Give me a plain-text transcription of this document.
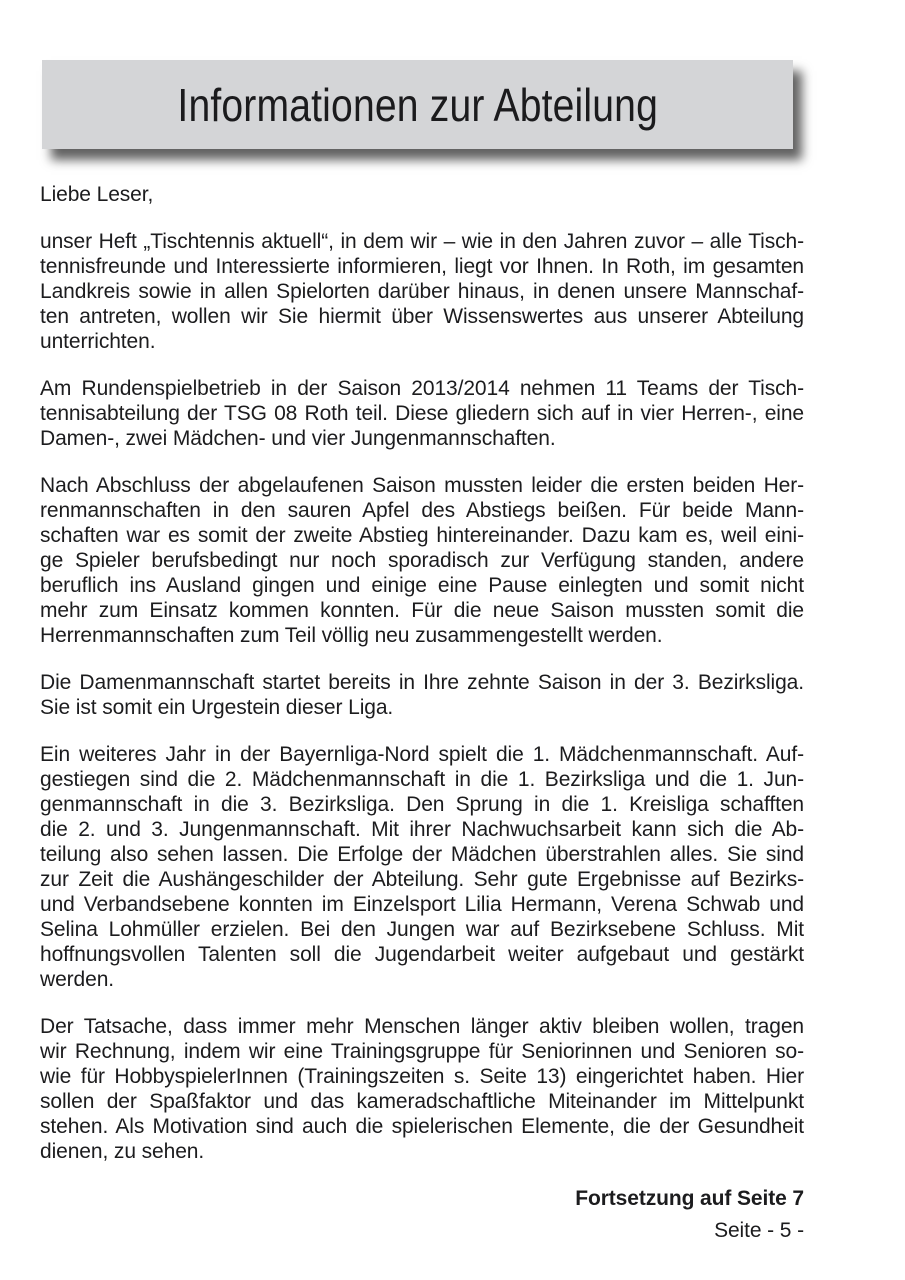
Informationen zur Abteilung
Liebe Leser,
unser Heft „Tischtennis aktuell“, in dem wir – wie in den Jahren zuvor – alle Tisch-
tennisfreunde und Interessierte informieren, liegt vor Ihnen. In Roth, im gesamten
Landkreis sowie in allen Spielorten darüber hinaus, in denen unsere Mannschaf-
ten antreten, wollen wir Sie hiermit über Wissenswertes aus unserer Abteilung
unterrichten.
Am Rundenspielbetrieb in der Saison 2013/2014 nehmen 11 Teams der Tisch-
tennisabteilung der TSG 08 Roth teil. Diese gliedern sich auf in vier Herren-, eine
Damen-, zwei Mädchen- und vier Jungenmannschaften.
Nach Abschluss der abgelaufenen Saison mussten leider die ersten beiden Her-
renmannschaften in den sauren Apfel des Abstiegs beißen. Für beide Mann-
schaften war es somit der zweite Abstieg hintereinander. Dazu kam es, weil eini-
ge Spieler berufsbedingt nur noch sporadisch zur Verfügung standen, andere
beruflich ins Ausland gingen und einige eine Pause einlegten und somit nicht
mehr zum Einsatz kommen konnten. Für die neue Saison mussten somit die
Herrenmannschaften zum Teil völlig neu zusammengestellt werden.
Die Damenmannschaft startet bereits in Ihre zehnte Saison in der 3. Bezirksliga.
Sie ist somit ein Urgestein dieser Liga.
Ein weiteres Jahr in der Bayernliga-Nord spielt die 1. Mädchenmannschaft. Auf-
gestiegen sind die 2. Mädchenmannschaft in die 1. Bezirksliga und die 1. Jun-
genmannschaft in die 3. Bezirksliga. Den Sprung in die 1. Kreisliga schafften
die 2. und 3. Jungenmannschaft. Mit ihrer Nachwuchsarbeit kann sich die Ab-
teilung also sehen lassen. Die Erfolge der Mädchen überstrahlen alles. Sie sind
zur Zeit die Aushängeschilder der Abteilung. Sehr gute Ergebnisse auf Bezirks-
und Verbandsebene konnten im Einzelsport Lilia Hermann, Verena Schwab und
Selina Lohmüller erzielen. Bei den Jungen war auf Bezirksebene Schluss. Mit
hoffnungsvollen Talenten soll die Jugendarbeit weiter aufgebaut und gestärkt
werden.
Der Tatsache, dass immer mehr Menschen länger aktiv bleiben wollen, tragen
wir Rechnung, indem wir eine Trainingsgruppe für Seniorinnen und Senioren so-
wie für HobbyspielerInnen (Trainingszeiten s. Seite 13) eingerichtet haben. Hier
sollen der Spaßfaktor und das kameradschaftliche Miteinander im Mittelpunkt
stehen. Als Motivation sind auch die spielerischen Elemente, die der Gesundheit
dienen, zu sehen.
Fortsetzung auf Seite 7
Seite - 5 -
